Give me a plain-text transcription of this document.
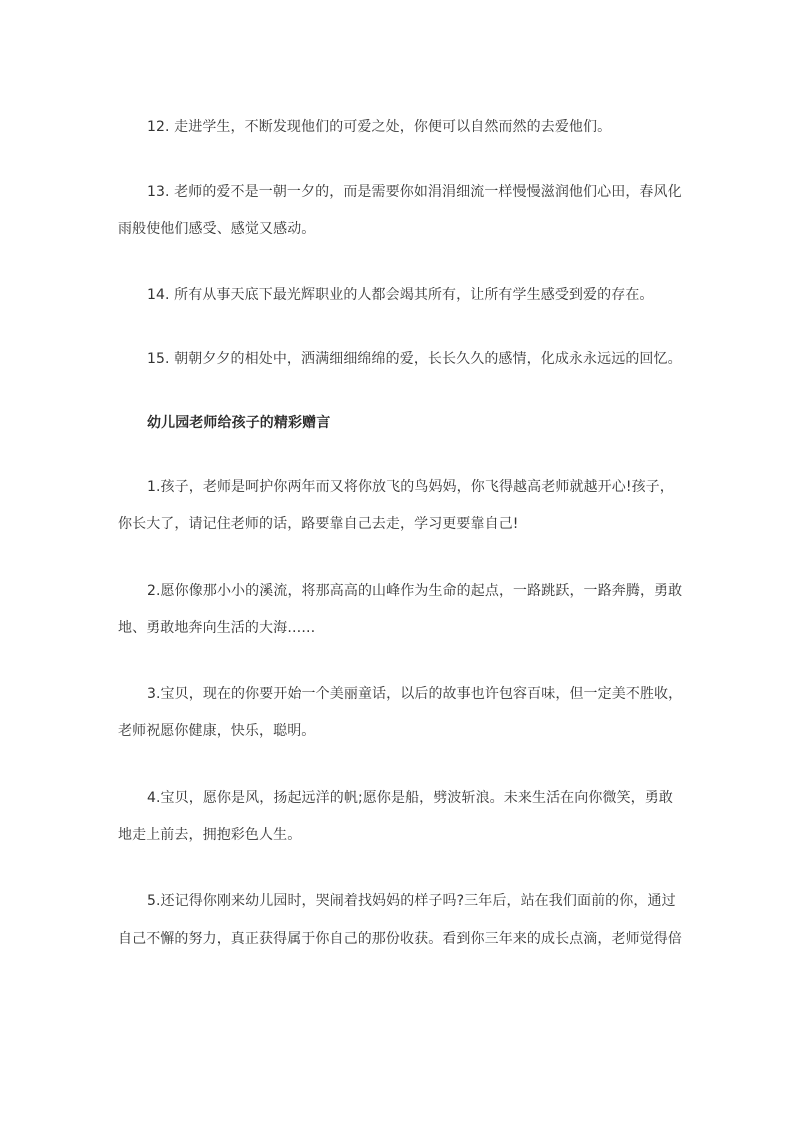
12. 走进学生，不断发现他们的可爱之处，你便可以自然而然的去爱他们。
13. 老师的爱不是一朝一夕的，而是需要你如涓涓细流一样慢慢滋润他们心田，春风化
雨般使他们感受、感觉又感动。
14. 所有从事天底下最光辉职业的人都会竭其所有，让所有学生感受到爱的存在。
15. 朝朝夕夕的相处中，洒满细细绵绵的爱，长长久久的感情，化成永永远远的回忆。
幼儿园老师给孩子的精彩赠言
1.孩子，老师是呵护你两年而又将你放飞的鸟妈妈，你飞得越高老师就越开心!孩子，
你长大了，请记住老师的话，路要靠自己去走，学习更要靠自己!
2.愿你像那小小的溪流，将那高高的山峰作为生命的起点，一路跳跃，一路奔腾，勇敢
地、勇敢地奔向生活的大海……
3.宝贝，现在的你要开始一个美丽童话，以后的故事也许包容百味，但一定美不胜收，
老师祝愿你健康，快乐，聪明。
4.宝贝，愿你是风，扬起远洋的帆;愿你是船，劈波斩浪。未来生活在向你微笑，勇敢
地走上前去，拥抱彩色人生。
5.还记得你刚来幼儿园时，哭闹着找妈妈的样子吗?三年后，站在我们面前的你，通过
自己不懈的努力，真正获得属于你自己的那份收获。看到你三年来的成长点滴，老师觉得倍
